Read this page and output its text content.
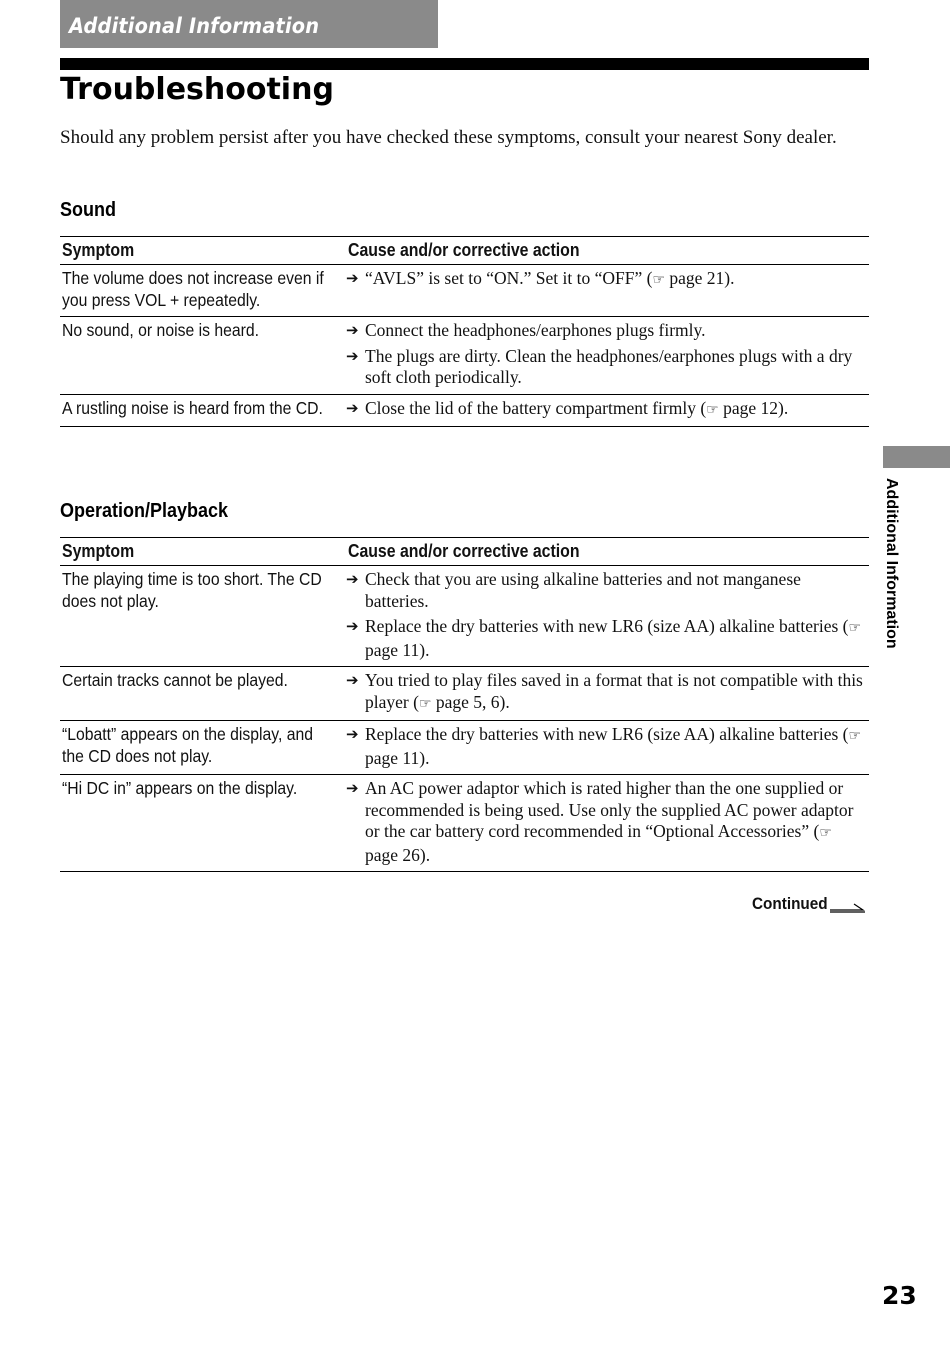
Additional Information
Troubleshooting

Should any problem persist after you have checked these symptoms, consult your nearest Sony dealer.

Sound
Symptom	Cause and/or corrective action
The volume does not increase even if you press VOL + repeatedly.	➔ “AVLS” is set to “ON.” Set it to “OFF” (☞ page 21).

No sound, or noise is heard.	➔ Connect the headphones/earphones plugs firmly.
➔ The plugs are dirty. Clean the headphones/earphones plugs with a dry soft cloth periodically.

A rustling noise is heard from the CD.	➔ Close the lid of the battery compartment firmly (☞ page 12).
Operation/Playback
Symptom	Cause and/or corrective action
The playing time is too short. The CD does not play.	➔ Check that you are using alkaline batteries and not manganese batteries.
➔ Replace the dry batteries with new LR6 (size AA) alkaline batteries (☞ page 11).

Certain tracks cannot be played.	➔ You tried to play files saved in a format that is not compatible with this player (☞ page 5, 6).

“Lobatt” appears on the display, and the CD does not play.	➔ Replace the dry batteries with new LR6 (size AA) alkaline batteries (☞ page 11).

“Hi DC in” appears on the display.	➔ An AC power adaptor which is rated higher than the one supplied or recommended is being used. Use only the supplied AC power adaptor or the car battery cord recommended in “Optional Accessories” (☞ page 26).
Continued
Additional Information
23
